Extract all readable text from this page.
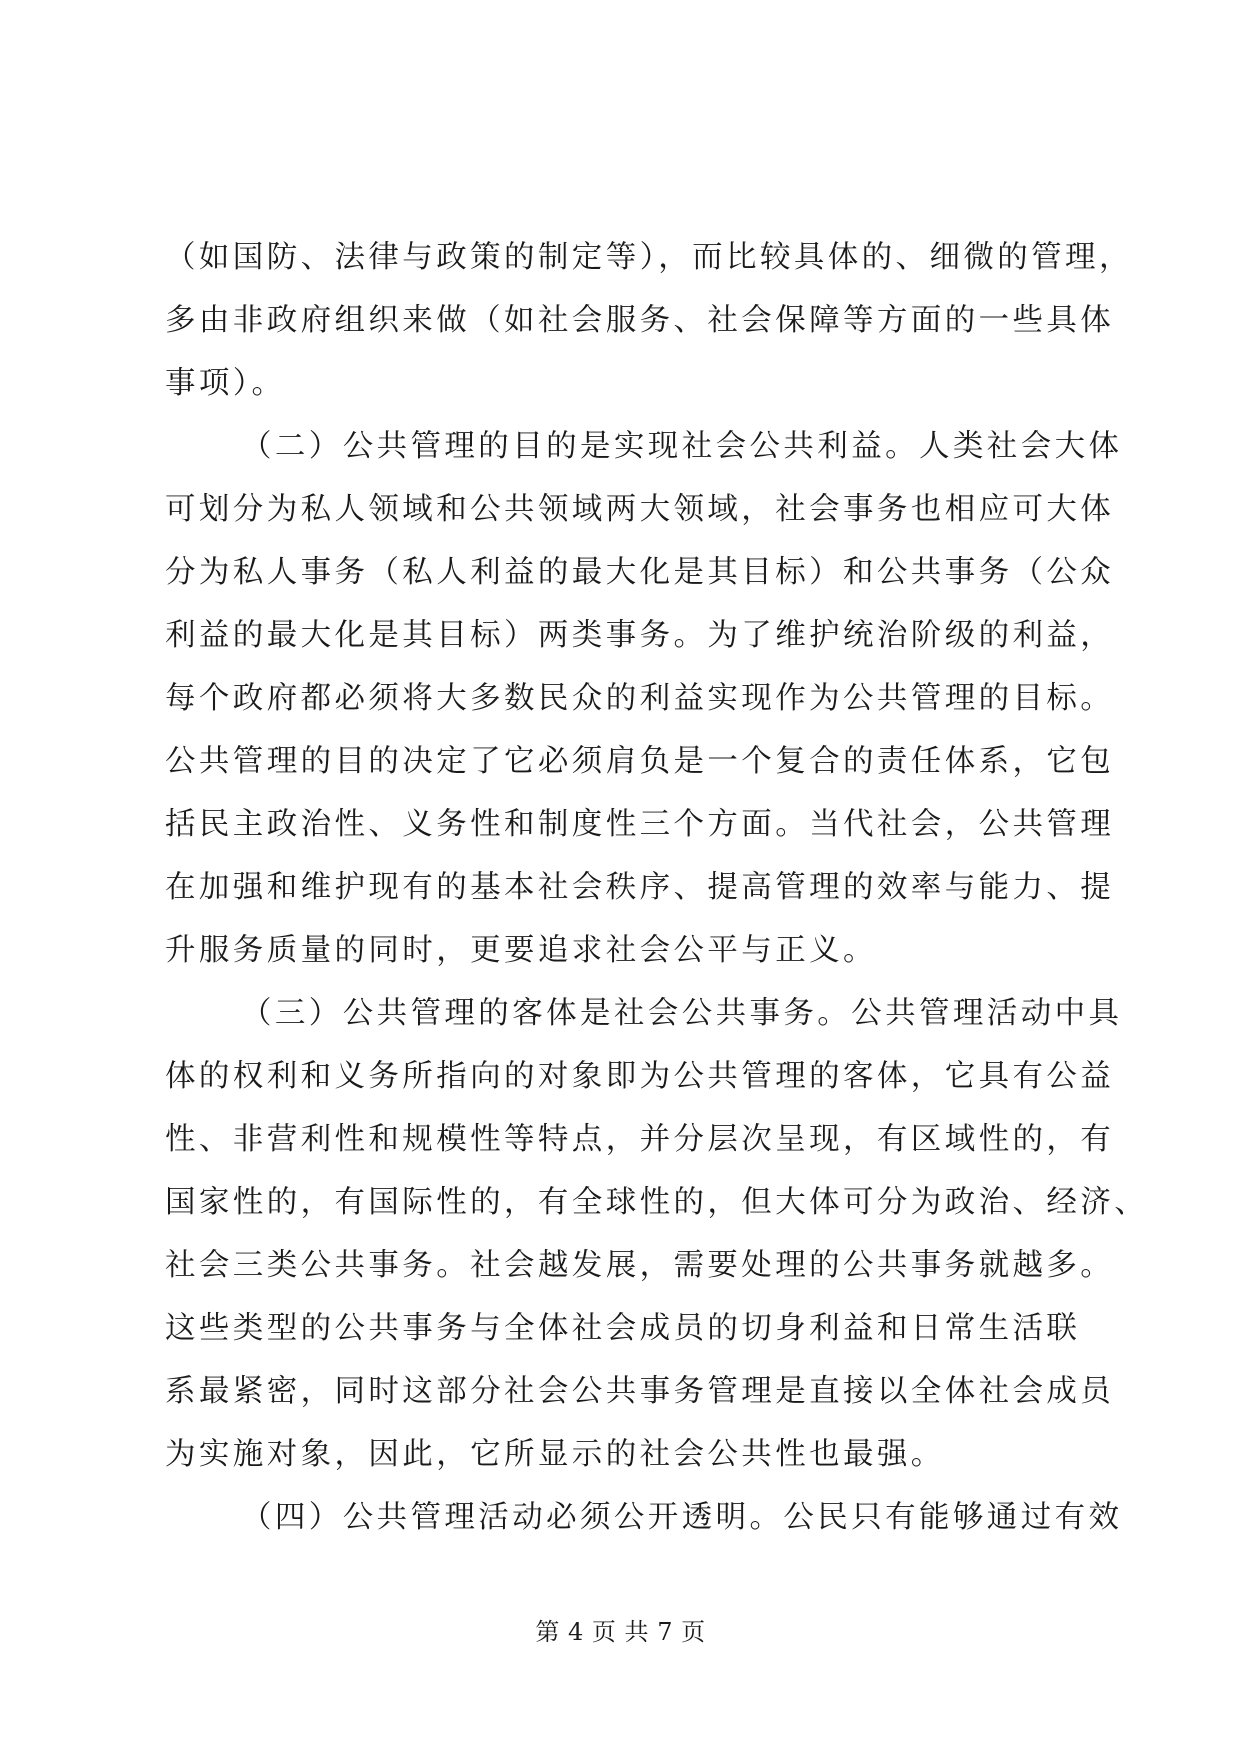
（如国防、法律与政策的制定等），而比较具体的、细微的管理，
多由非政府组织来做（如社会服务、社会保障等方面的一些具体
事项）。
（二）公共管理的目的是实现社会公共利益。人类社会大体
可划分为私人领域和公共领域两大领域，社会事务也相应可大体
分为私人事务（私人利益的最大化是其目标）和公共事务（公众
利益的最大化是其目标）两类事务。为了维护统治阶级的利益，
每个政府都必须将大多数民众的利益实现作为公共管理的目标。
公共管理的目的决定了它必须肩负是一个复合的责任体系，它包
括民主政治性、义务性和制度性三个方面。当代社会，公共管理
在加强和维护现有的基本社会秩序、提高管理的效率与能力、提
升服务质量的同时，更要追求社会公平与正义。
（三）公共管理的客体是社会公共事务。公共管理活动中具
体的权利和义务所指向的对象即为公共管理的客体，它具有公益
性、非营利性和规模性等特点，并分层次呈现，有区域性的，有
国家性的，有国际性的，有全球性的，但大体可分为政治、经济、
社会三类公共事务。社会越发展，需要处理的公共事务就越多。
这些类型的公共事务与全体社会成员的切身利益和日常生活联
系最紧密，同时这部分社会公共事务管理是直接以全体社会成员
为实施对象，因此，它所显示的社会公共性也最强。
（四）公共管理活动必须公开透明。公民只有能够通过有效
第 4 页 共 7 页
